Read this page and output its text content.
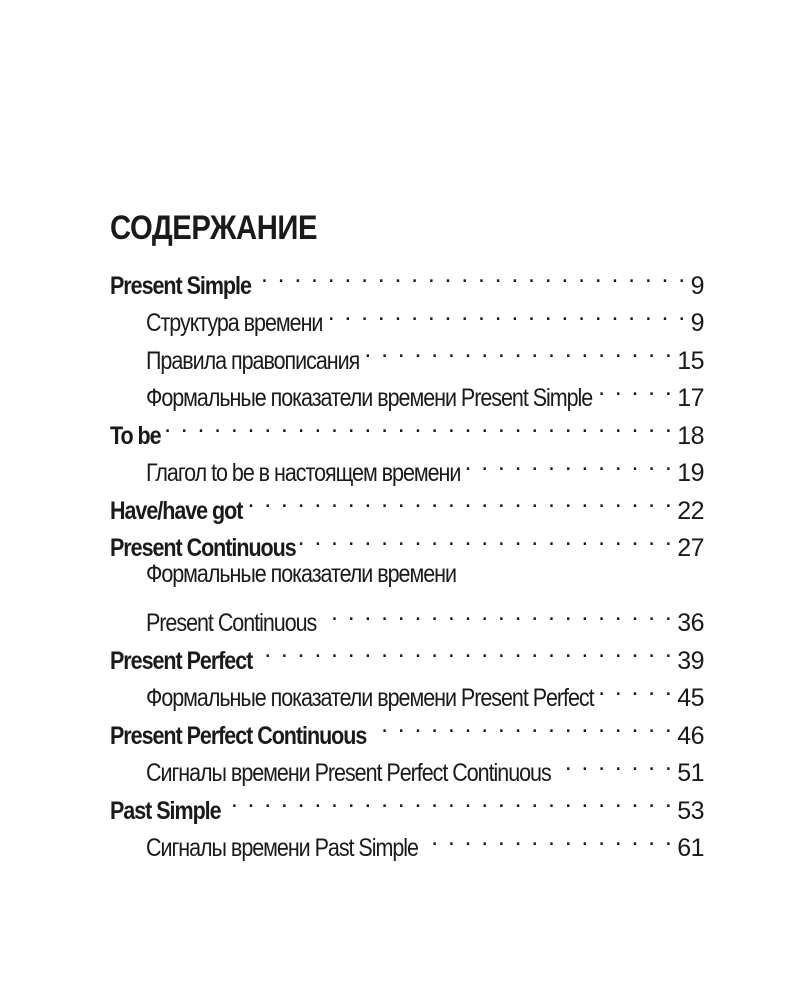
СОДЕРЖАНИЕ
Present Simple . . .	9
Структура времени . . .	9
Правила правописания . . .	15
Формальные показатели времени Present Simple . . .	17
To be . . .	18
Глагол to be в настоящем времени . . .	19
Have/have got . . .	22
Present Continuous . . .	27
Формальные показатели времени
Present Continuous . . .	36
Present Perfect . . .	39
Формальные показатели времени Present Perfect . . .	45
Present Perfect Continuous . . .	46
Сигналы времени Present Perfect Continuous . . .	51
Past Simple . . .	53
Сигналы времени Past Simple . . .	61
